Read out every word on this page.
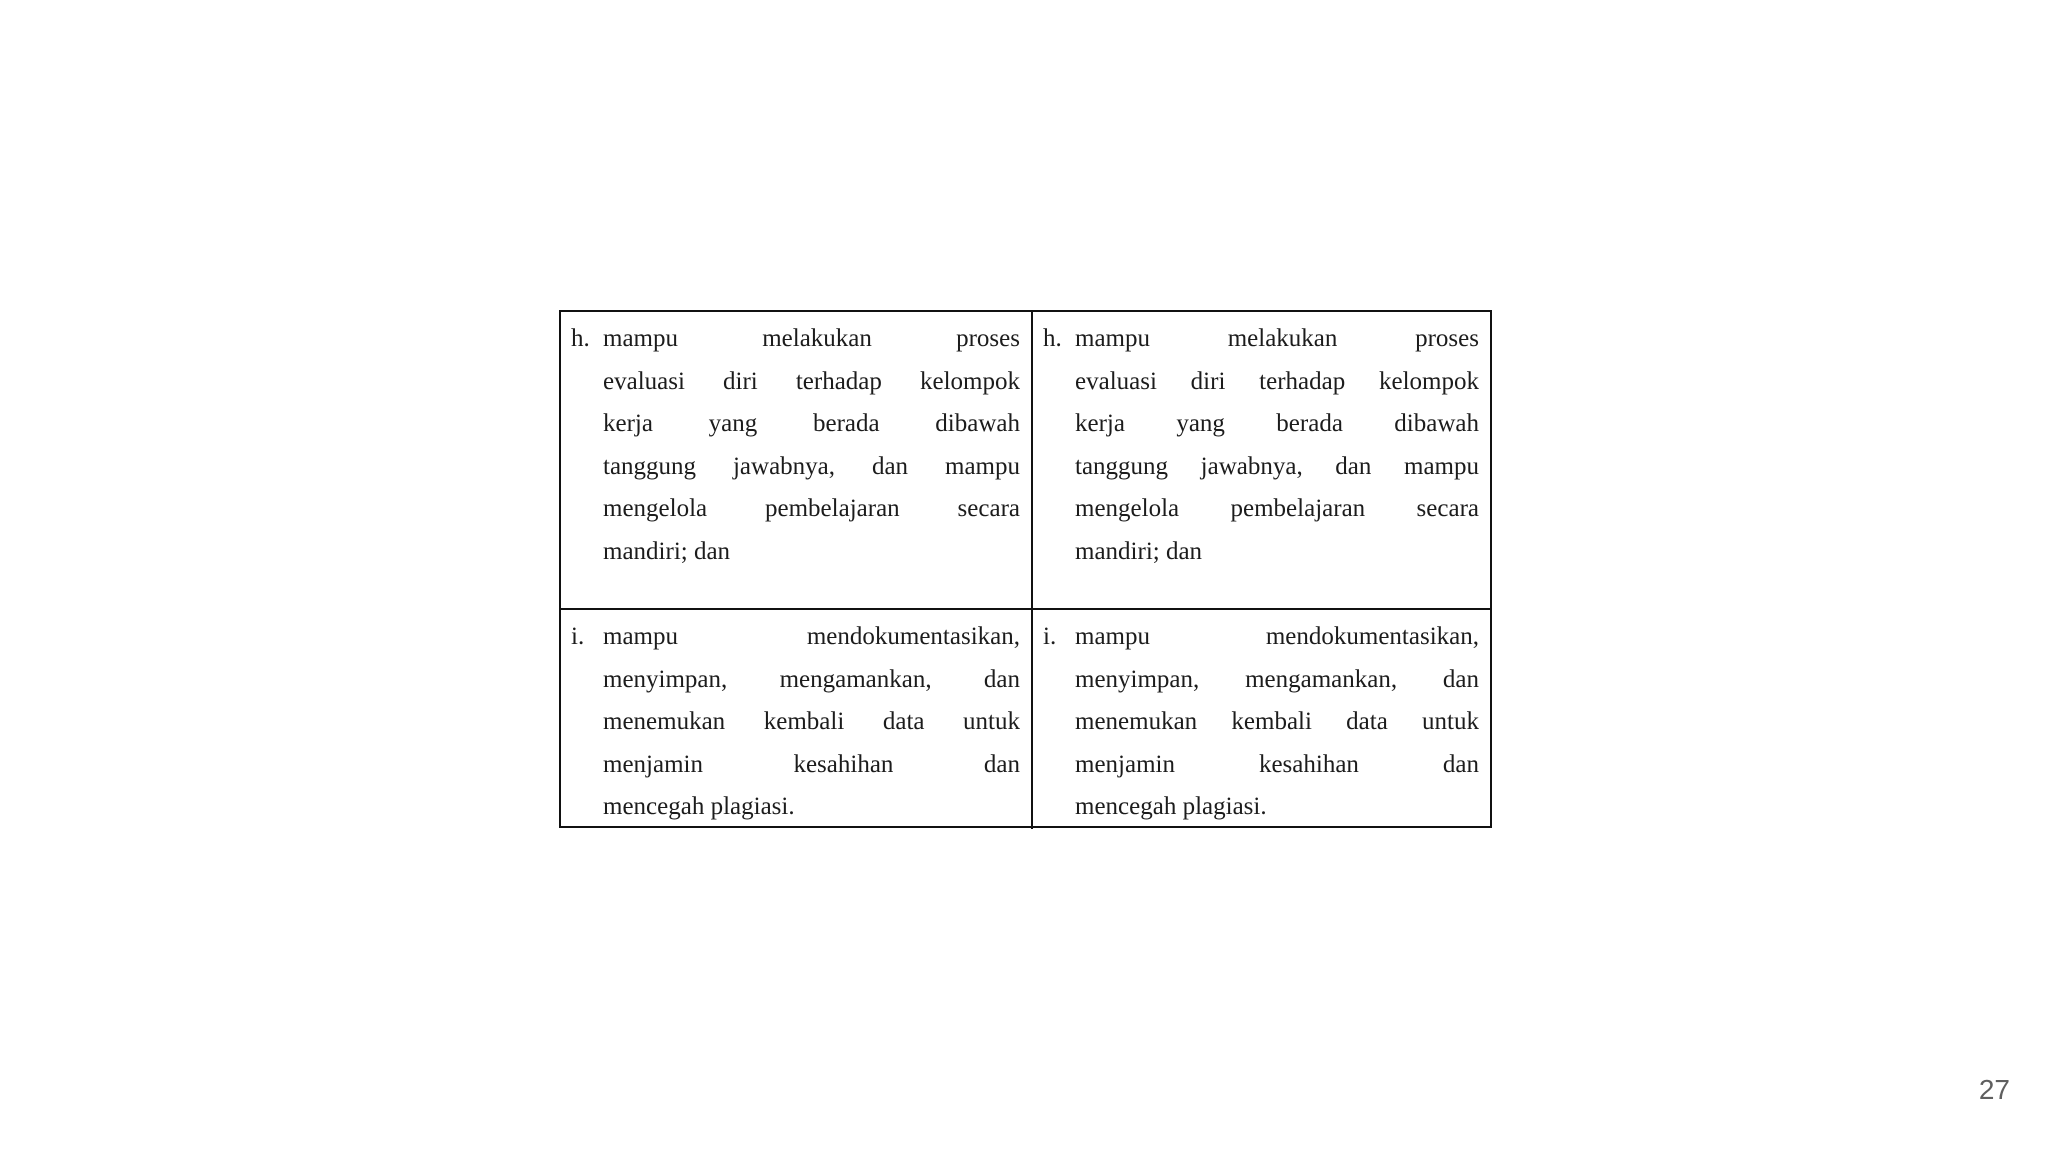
h. mampu melakukan proses
evaluasi diri terhadap kelompok
kerja yang berada dibawah
tanggung jawabnya, dan mampu
mengelola pembelajaran secara
mandiri; dan
h. mampu melakukan proses
evaluasi diri terhadap kelompok
kerja yang berada dibawah
tanggung jawabnya, dan mampu
mengelola pembelajaran secara
mandiri; dan
i. mampu mendokumentasikan,
menyimpan, mengamankan, dan
menemukan kembali data untuk
menjamin kesahihan dan
mencegah plagiasi.
i. mampu mendokumentasikan,
menyimpan, mengamankan, dan
menemukan kembali data untuk
menjamin kesahihan dan
mencegah plagiasi.
27
